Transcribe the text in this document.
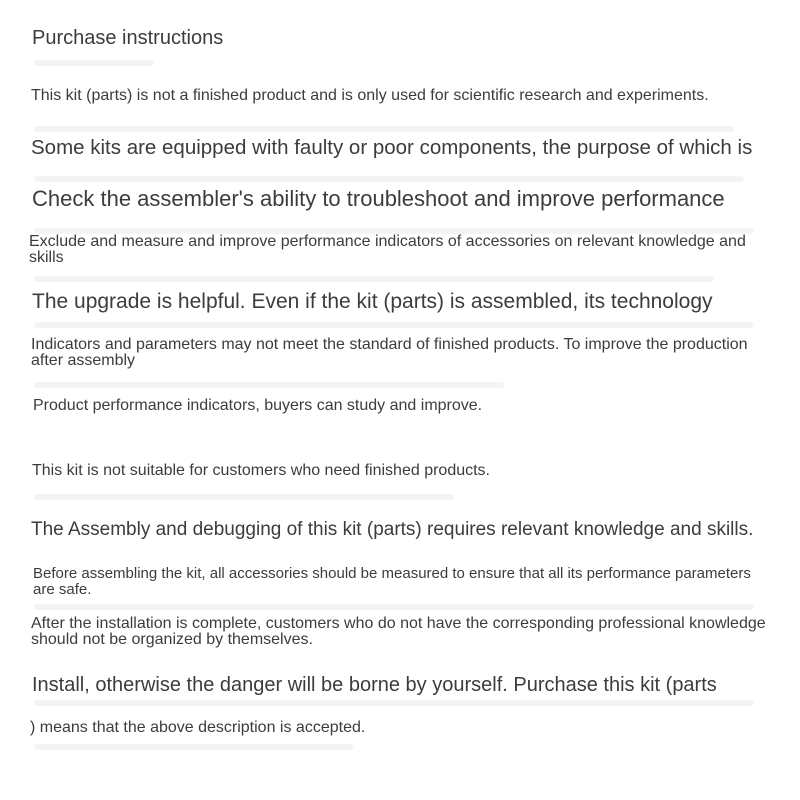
Purchase instructions

This kit (parts) is not a finished product and is only used for scientific research and experiments.

Some kits are equipped with faulty or poor components, the purpose of which is

Check the assembler's ability to troubleshoot and improve performance

Exclude and measure and improve performance indicators of accessories on relevant knowledge and skills

The upgrade is helpful. Even if the kit (parts) is assembled, its technology

Indicators and parameters may not meet the standard of finished products. To improve the production after assembly

Product performance indicators, buyers can study and improve.

This kit is not suitable for customers who need finished products.

The Assembly and debugging of this kit (parts) requires relevant knowledge and skills.

Before assembling the kit, all accessories should be measured to ensure that all its performance parameters are safe.

After the installation is complete, customers who do not have the corresponding professional knowledge should not be organized by themselves.

Install, otherwise the danger will be borne by yourself. Purchase this kit (parts

) means that the above description is accepted.
